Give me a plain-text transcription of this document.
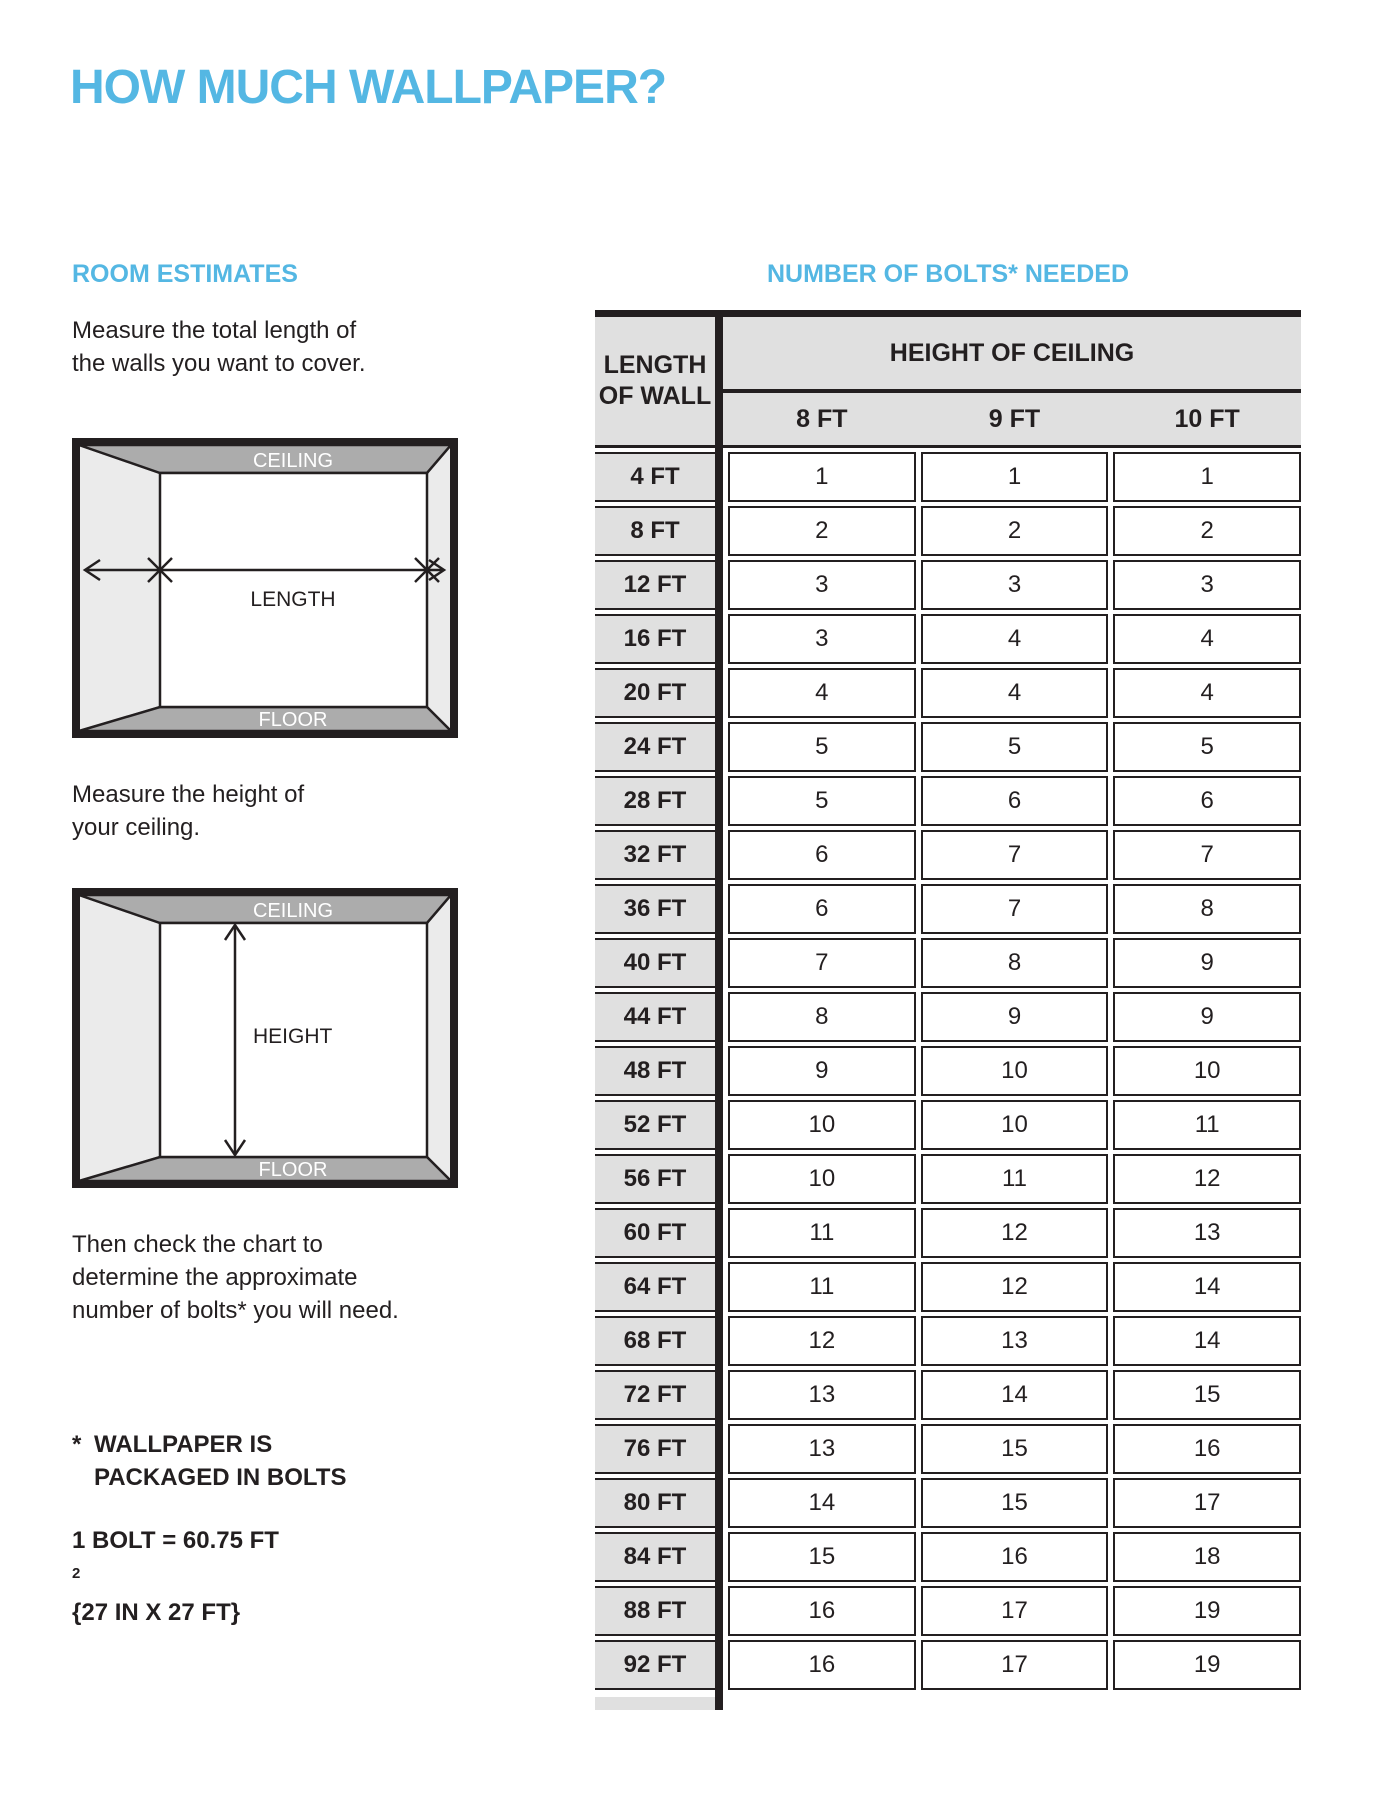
HOW MUCH WALLPAPER?
ROOM ESTIMATES
Measure the total length of
the walls you want to cover.
CEILING
FLOOR
LENGTH
Measure the height of
your ceiling.
CEILING
FLOOR
HEIGHT
Then check the chart to
determine the approximate
number of bolts* you will need.
* WALLPAPER IS
PACKAGED IN BOLTS
1 BOLT = 60.75 FT
$^2$
{27 IN X 27 FT}
NUMBER OF BOLTS* NEEDED
LENGTH
OF WALL
HEIGHT OF CEILING
8 FT	9 FT	10 FT
4 FT	1	1	1
8 FT	2	2	2
12 FT	3	3	3
16 FT	3	4	4
20 FT	4	4	4
24 FT	5	5	5
28 FT	5	6	6
32 FT	6	7	7
36 FT	6	7	8
40 FT	7	8	9
44 FT	8	9	9
48 FT	9	10	10
52 FT	10	10	11
56 FT	10	11	12
60 FT	11	12	13
64 FT	11	12	14
68 FT	12	13	14
72 FT	13	14	15
76 FT	13	15	16
80 FT	14	15	17
84 FT	15	16	18
88 FT	16	17	19
92 FT	16	17	19
